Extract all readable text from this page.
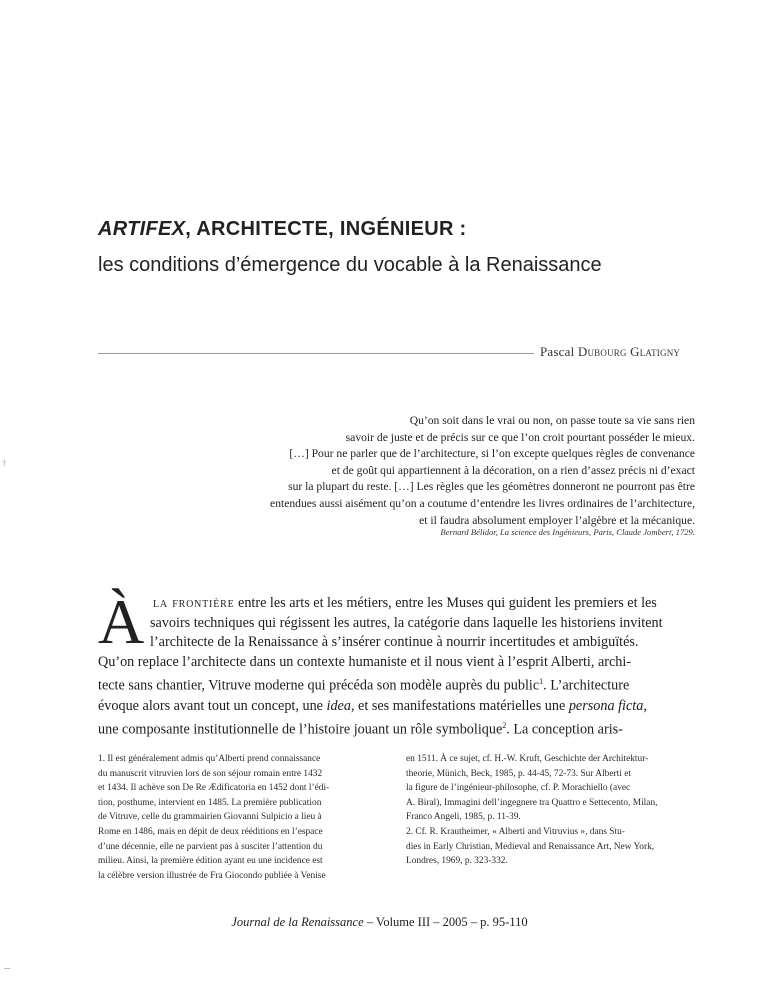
ARTIFEX, ARCHITECTE, INGÉNIEUR :
les conditions d’émergence du vocable à la Renaissance
Pascal Dubourg Glatigny
Qu’on soit dans le vrai ou non, on passe toute sa vie sans rien
savoir de juste et de précis sur ce que l’on croit pourtant posséder le mieux.
[…] Pour ne parler que de l’architecture, si l’on excepte quelques règles de convenance
et de goût qui appartiennent à la décoration, on a rien d’assez précis ni d’exact
sur la plupart du reste. […] Les règles que les géomètres donneront ne pourront pas être
entendues aussi aisément qu’on a coutume d’entendre les livres ordinaires de l’architecture,
et il faudra absolument employer l’algèbre et la mécanique.
Bernard Bélidor, La science des Ingénieurs, Paris, Claude Jombert, 1729.
À la frontière entre les arts et les métiers, entre les Muses qui guident les premiers et les
savoirs techniques qui régissent les autres, la catégorie dans laquelle les historiens invitent
l’architecte de la Renaissance à s’insérer continue à nourrir incertitudes et ambiguïtés.
Qu’on replace l’architecte dans un contexte humaniste et il nous vient à l’esprit Alberti, archi-
tecte sans chantier, Vitruve moderne qui précéda son modèle auprès du public$^1$. L’architecture
évoque alors avant tout un concept, une idea, et ses manifestations matérielles une persona ficta,
une composante institutionnelle de l’histoire jouant un rôle symbolique$^2$. La conception aris-
1. Il est généralement admis qu’Alberti prend connaissance
du manuscrit vitruvien lors de son séjour romain entre 1432
et 1434. Il achève son De Re Ædificatoria en 1452 dont l’édi-
tion, posthume, intervient en 1485. La première publication
de Vitruve, celle du grammairien Giovanni Sulpicio a lieu à
Rome en 1486, mais en dépit de deux rééditions en l’espace
d’une décennie, elle ne parvient pas à susciter l’attention du
milieu. Ainsi, la première édition ayant eu une incidence est
la célèbre version illustrée de Fra Giocondo publiée à Venise
en 1511. À ce sujet, cf. H.-W. Kruft, Geschichte der Architektur-
theorie, Münich, Beck, 1985, p. 44-45, 72-73. Sur Alberti et
la figure de l’ingénieur-philosophe, cf. P. Morachiello (avec
A. Biral), Immagini dell’ingegnere tra Quattro e Settecento, Milan,
Franco Angeli, 1985, p. 11-39.
2. Cf. R. Krautheimer, « Alberti and Vitruvius », dans Stu-
dies in Early Christian, Medieval and Renaissance Art, New York,
Londres, 1969, p. 323-332.
Journal de la Renaissance – Volume III – 2005 – p. 95-110
†
